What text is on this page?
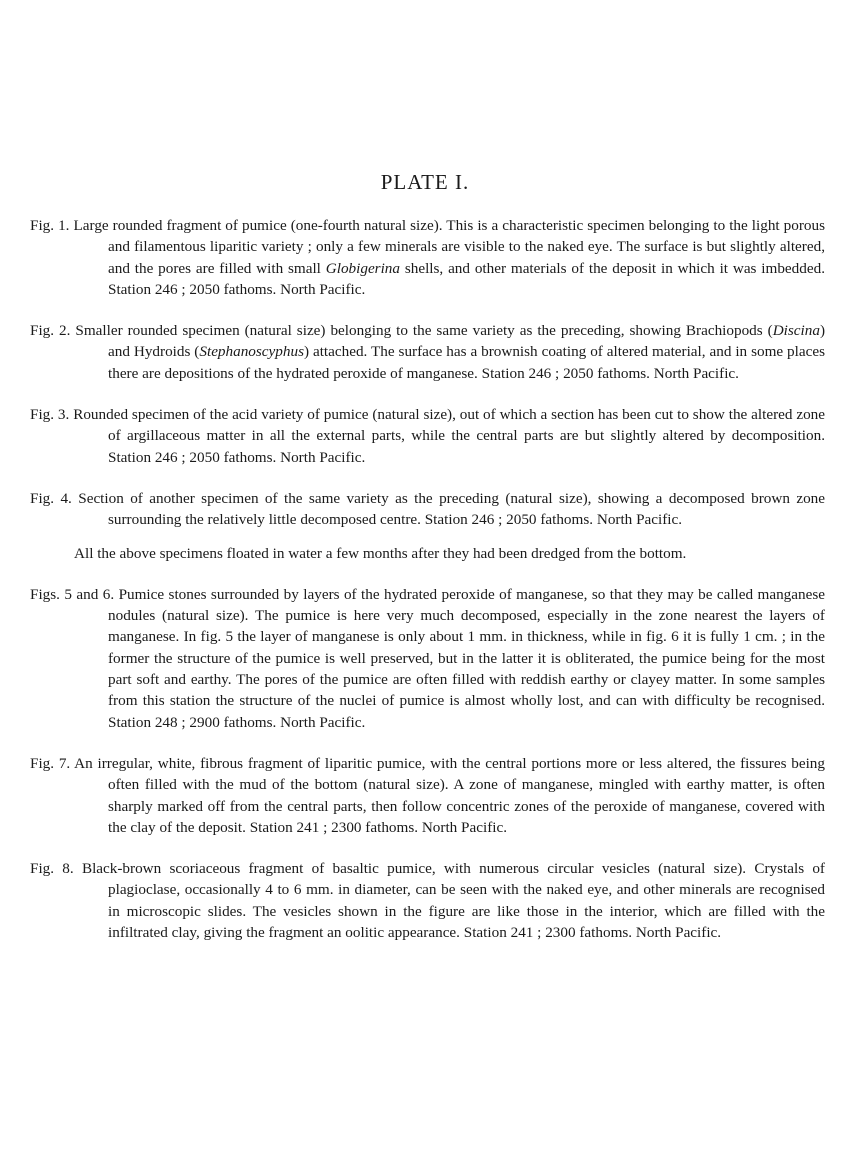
PLATE I.

Fig. 1. Large rounded fragment of pumice (one-fourth natural size). This is a characteristic specimen belonging to the light porous and filamentous liparitic variety ; only a few minerals are visible to the naked eye. The surface is but slightly altered, and the pores are filled with small Globigerina shells, and other materials of the deposit in which it was imbedded. Station 246 ; 2050 fathoms. North Pacific.

Fig. 2. Smaller rounded specimen (natural size) belonging to the same variety as the preceding, showing Brachiopods (Discina) and Hydroids (Stephanoscyphus) attached. The surface has a brownish coating of altered material, and in some places there are depositions of the hydrated peroxide of manganese. Station 246 ; 2050 fathoms. North Pacific.

Fig. 3. Rounded specimen of the acid variety of pumice (natural size), out of which a section has been cut to show the altered zone of argillaceous matter in all the external parts, while the central parts are but slightly altered by decomposition. Station 246 ; 2050 fathoms. North Pacific.

Fig. 4. Section of another specimen of the same variety as the preceding (natural size), showing a decomposed brown zone surrounding the relatively little decomposed centre. Station 246 ; 2050 fathoms. North Pacific.

All the above specimens floated in water a few months after they had been dredged from the bottom.

Figs. 5 and 6. Pumice stones surrounded by layers of the hydrated peroxide of manganese, so that they may be called manganese nodules (natural size). The pumice is here very much decomposed, especially in the zone nearest the layers of manganese. In fig. 5 the layer of manganese is only about 1 mm. in thickness, while in fig. 6 it is fully 1 cm. ; in the former the structure of the pumice is well preserved, but in the latter it is obliterated, the pumice being for the most part soft and earthy. The pores of the pumice are often filled with reddish earthy or clayey matter. In some samples from this station the structure of the nuclei of pumice is almost wholly lost, and can with difficulty be recognised. Station 248 ; 2900 fathoms. North Pacific.

Fig. 7. An irregular, white, fibrous fragment of liparitic pumice, with the central portions more or less altered, the fissures being often filled with the mud of the bottom (natural size). A zone of manganese, mingled with earthy matter, is often sharply marked off from the central parts, then follow concentric zones of the peroxide of manganese, covered with the clay of the deposit. Station 241 ; 2300 fathoms. North Pacific.

Fig. 8. Black-brown scoriaceous fragment of basaltic pumice, with numerous circular vesicles (natural size). Crystals of plagioclase, occasionally 4 to 6 mm. in diameter, can be seen with the naked eye, and other minerals are recognised in microscopic slides. The vesicles shown in the figure are like those in the interior, which are filled with the infiltrated clay, giving the fragment an oolitic appearance. Station 241 ; 2300 fathoms. North Pacific.
